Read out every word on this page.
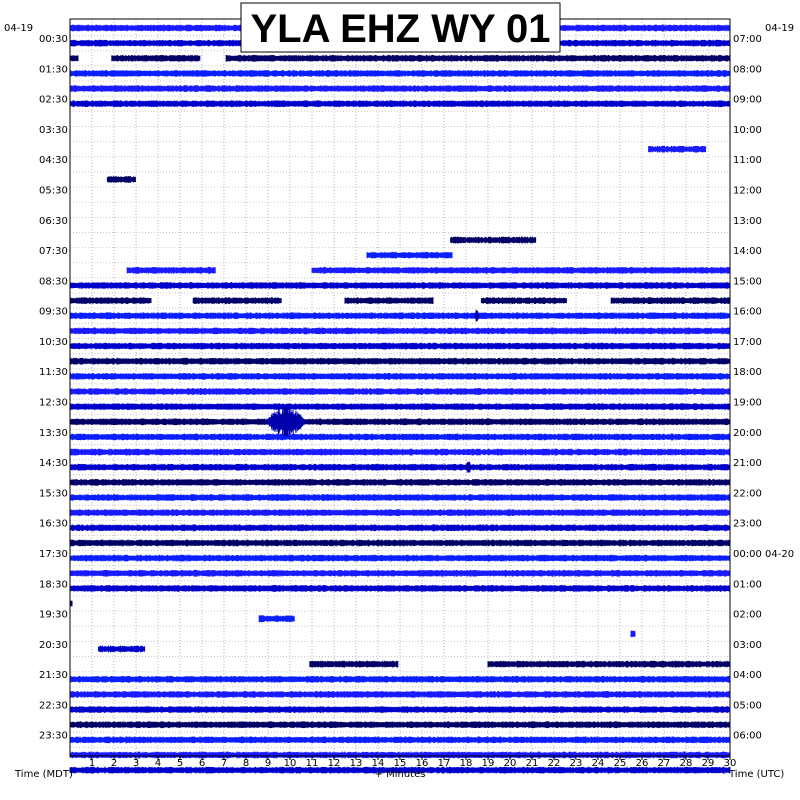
1 2 3 4 5 6 7 8 9 10 11 12 13 14 15 16 17 18 19 20 21 22 23 24 25 26 27 28 29 30
00:30
01:30
02:30
03:30
04:30
05:30
06:30
07:30
08:30
09:30
10:30
11:30
12:30
13:30
14:30
15:30
16:30
17:30
18:30
19:30
20:30
21:30
22:30
23:30
07:00
08:00
09:00
10:00
11:00
12:00
13:00
14:00
15:00
16:00
17:00
18:00
19:00
20:00
21:00
22:00
23:00
00:00 04-20
01:00
02:00
03:00
04:00
05:00
06:00
04-19	04-19
Time (MDT)	+ Minutes	Time (UTC)
YLA EHZ WY 01
